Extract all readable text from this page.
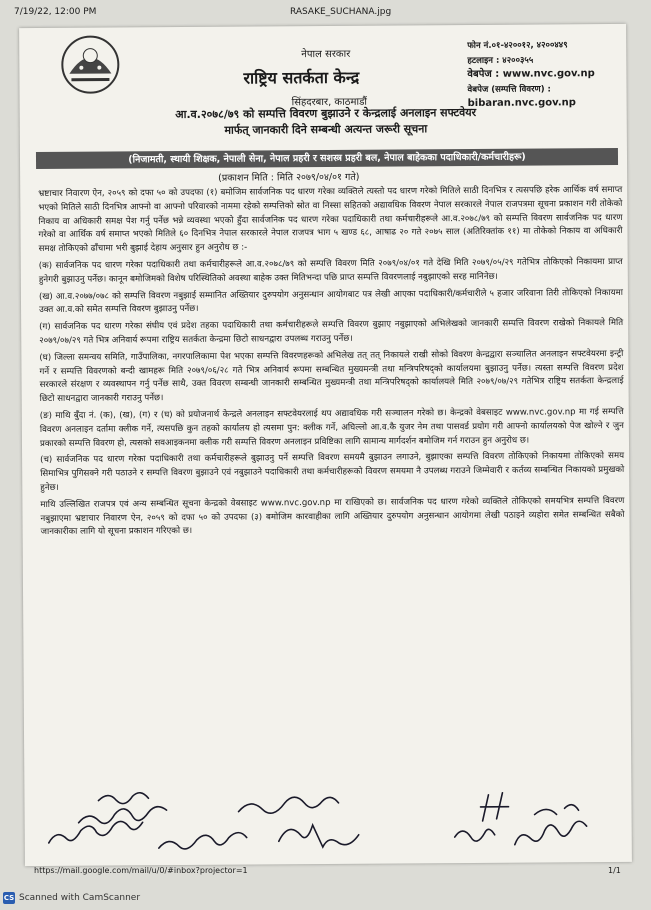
7/19/22, 12:00 PM	RASAKE_SUCHANA.jpg
नेपाल सरकार
राष्ट्रिय सतर्कता केन्द्र
सिंहदरबार, काठमाडौं
फोन नं.०१-४२००१२, ४२००४४९
हटलाइन : ४२००३५५
वेबपेज : www.nvc.gov.np
वेबपेज (सम्पत्ति विवरण) :
bibaran.nvc.gov.np
आ.व.२०७८/७९ को सम्पत्ति विवरण बुझाउने र केन्द्रलाई अनलाइन सफ्टवेयर
मार्फत् जानकारी दिने सम्बन्धी अत्यन्त जरूरी सूचना
(निजामती, स्थायी शिक्षक, नेपाली सेना, नेपाल प्रहरी र सशस्त्र प्रहरी बल, नेपाल बाहेकका पदाधिकारी/कर्मचारीहरू)
(प्रकाशन मिति : मिति २०७९/०४/०१ गते)

भ्रष्टाचार निवारण ऐन, २०५९ को दफा ५० को उपदफा (१) बमोजिम सार्वजनिक पद धारण गरेका व्यक्तिले त्यस्तो पद धारण गरेको मितिले साठी दिनभित्र र त्यसपछि हरेक आर्थिक वर्ष समाप्त भएको मितिले साठी दिनभित्र आफ्नो वा आफ्नो परिवारको नाममा रहेको सम्पत्तिको स्रोत वा निस्सा सहितको अद्यावधिक विवरण नेपाल सरकारले नेपाल राजपत्रमा सूचना प्रकाशन गरी तोकेको निकाय वा अधिकारी समक्ष पेश गर्नु पर्नेछ भन्ने व्यवस्था भएको हुँदा सार्वजनिक पद धारण गरेका पदाधिकारी तथा कर्मचारीहरूले आ.व.२०७८/७९ को सम्पत्ति विवरण सार्वजनिक पद धारण गरेको वा आर्थिक वर्ष समाप्त भएको मितिले ६० दिनभित्र नेपाल सरकारले नेपाल राजपत्र भाग ५ खण्ड ६८, आषाढ २० गते २०७५ साल (अतिरिक्तांक ११) मा तोकेको निकाय वा अधिकारी समक्ष तोकिएको ढाँचामा भरी बुझाई देहाय अनुसार हुन अनुरोध छ :-

(क) सार्वजनिक पद धारण गरेका पदाधिकारी तथा कर्मचारीहरूले आ.व.२०७८/७९ को सम्पत्ति विवरण मिति २०७९/०४/०१ गते देखि मिति २०७९/०५/२९ गतेभित्र तोकिएको निकायमा प्राप्त हुनेगरी बुझाउनु पर्नेछ। कानून बमोजिमको विशेष परिस्थितिको अवस्था बाहेक उक्त मितिभन्दा पछि प्राप्त सम्पत्ति विवरणलाई नबुझाएको सरह मानिनेछ।

(ख) आ.व.२०७७/०७८ को सम्पत्ति विवरण नबुझाई सम्मानित अख्तियार दुरुपयोग अनुसन्धान आयोगबाट पत्र लेखी आएका पदाधिकारी/कर्मचारीले ५ हजार जरिवाना तिरी तोकिएको निकायमा उक्त आ.व.को समेत सम्पत्ति विवरण बुझाउनु पर्नेछ।

(ग) सार्वजनिक पद धारण गरेका संघीय एवं प्रदेश तहका पदाधिकारी तथा कर्मचारीहरूले सम्पत्ति विवरण बुझाए नबुझाएको अभिलेखको जानकारी सम्पत्ति विवरण राखेको निकायले मिति २०७९/०७/२९ गते भित्र अनिवार्य रूपमा राष्ट्रिय सतर्कता केन्द्रमा छिटो साधनद्वारा उपलब्ध गराउनु पर्नेछ।

(घ) जिल्ला समन्वय समिति, गाउँपालिका, नगरपालिकामा पेश भएका सम्पत्ति विवरणहरूको अभिलेख तत् तत् निकायले राखी सोको विवरण केन्द्रद्वारा सञ्चालित अनलाइन सफ्टवेयरमा इन्ट्री गर्ने र सम्पत्ति विवरणको बन्दी खामहरू मिति २०७९/०६/२८ गते भित्र अनिवार्य रूपमा सम्बन्धित मुख्यमन्त्री तथा मन्त्रिपरिषद्को कार्यालयमा बुझाउनु पर्नेछ। त्यस्ता सम्पत्ति विवरण प्रदेश सरकारले संरक्षण र व्यवस्थापन गर्नु पर्नेछ साथै, उक्त विवरण सम्बन्धी जानकारी सम्बन्धित मुख्यमन्त्री तथा मन्त्रिपरिषद्को कार्यालयले मिति २०७९/०७/२९ गतेभित्र राष्ट्रिय सतर्कता केन्द्रलाई छिटो साधनद्वारा जानकारी गराउनु पर्नेछ।

(ङ) माथि बुँदा नं. (क), (ख), (ग) र (घ) को प्रयोजनार्थ केन्द्रले अनलाइन सफ्टवेयरलाई थप अद्यावधिक गरी सञ्चालन गरेको छ। केन्द्रको वेबसाइट www.nvc.gov.np मा गई सम्पत्ति विवरण अनलाइन दर्तामा क्लीक गर्ने, त्यसपछि कुन तहको कार्यालय हो त्यसमा पुन: क्लीक गर्ने, अघिल्लो आ.व.कै युजर नेम तथा पासवर्ड प्रयोग गरी आफ्नो कार्यालयको पेज खोल्ने र जुन प्रकारको सम्पत्ति विवरण हो, त्यसको सवआइकनमा क्लीक गरी सम्पत्ति विवरण अनलाइन प्रविष्टिका लागि सामान्य मार्गदर्शन बमोजिम गर्न गराउन हुन अनुरोध छ।

(च) सार्वजनिक पद धारण गरेका पदाधिकारी तथा कर्मचारीहरूले बुझाउनु पर्ने सम्पत्ति विवरण समयमै बुझाउन लगाउने, बुझाएका सम्पत्ति विवरण तोकिएको निकायमा तोकिएको समय सिमाभित्र पुगिसक्ने गरी पठाउने र सम्पत्ति विवरण बुझाउने एवं नबुझाउने पदाधिकारी तथा कर्मचारीहरूको विवरण समयमा नै उपलब्ध गराउने जिम्मेवारी र कर्तव्य सम्बन्धित निकायको प्रमुखको हुनेछ।

माथि उल्लिखित राजपत्र एवं अन्य सम्बन्धित सूचना केन्द्रको वेबसाइट www.nvc.gov.np मा राखिएको छ। सार्वजनिक पद धारण गरेको व्यक्तिले तोकिएको समयभित्र सम्पत्ति विवरण नबुझाएमा भ्रष्टाचार निवारण ऐन, २०५९ को दफा ५० को उपदफा (३) बमोजिम कारवाहीका लागि अख्तियार दुरुपयोग अनुसन्धान आयोगमा लेखी पठाइने व्यहोरा समेत सम्बन्धित सबैको जानकारीका लागि यो सूचना प्रकाशन गरिएको छ।

https://mail.google.com/mail/u/0/#inbox?projector=1	1/1
CS Scanned with CamScanner
